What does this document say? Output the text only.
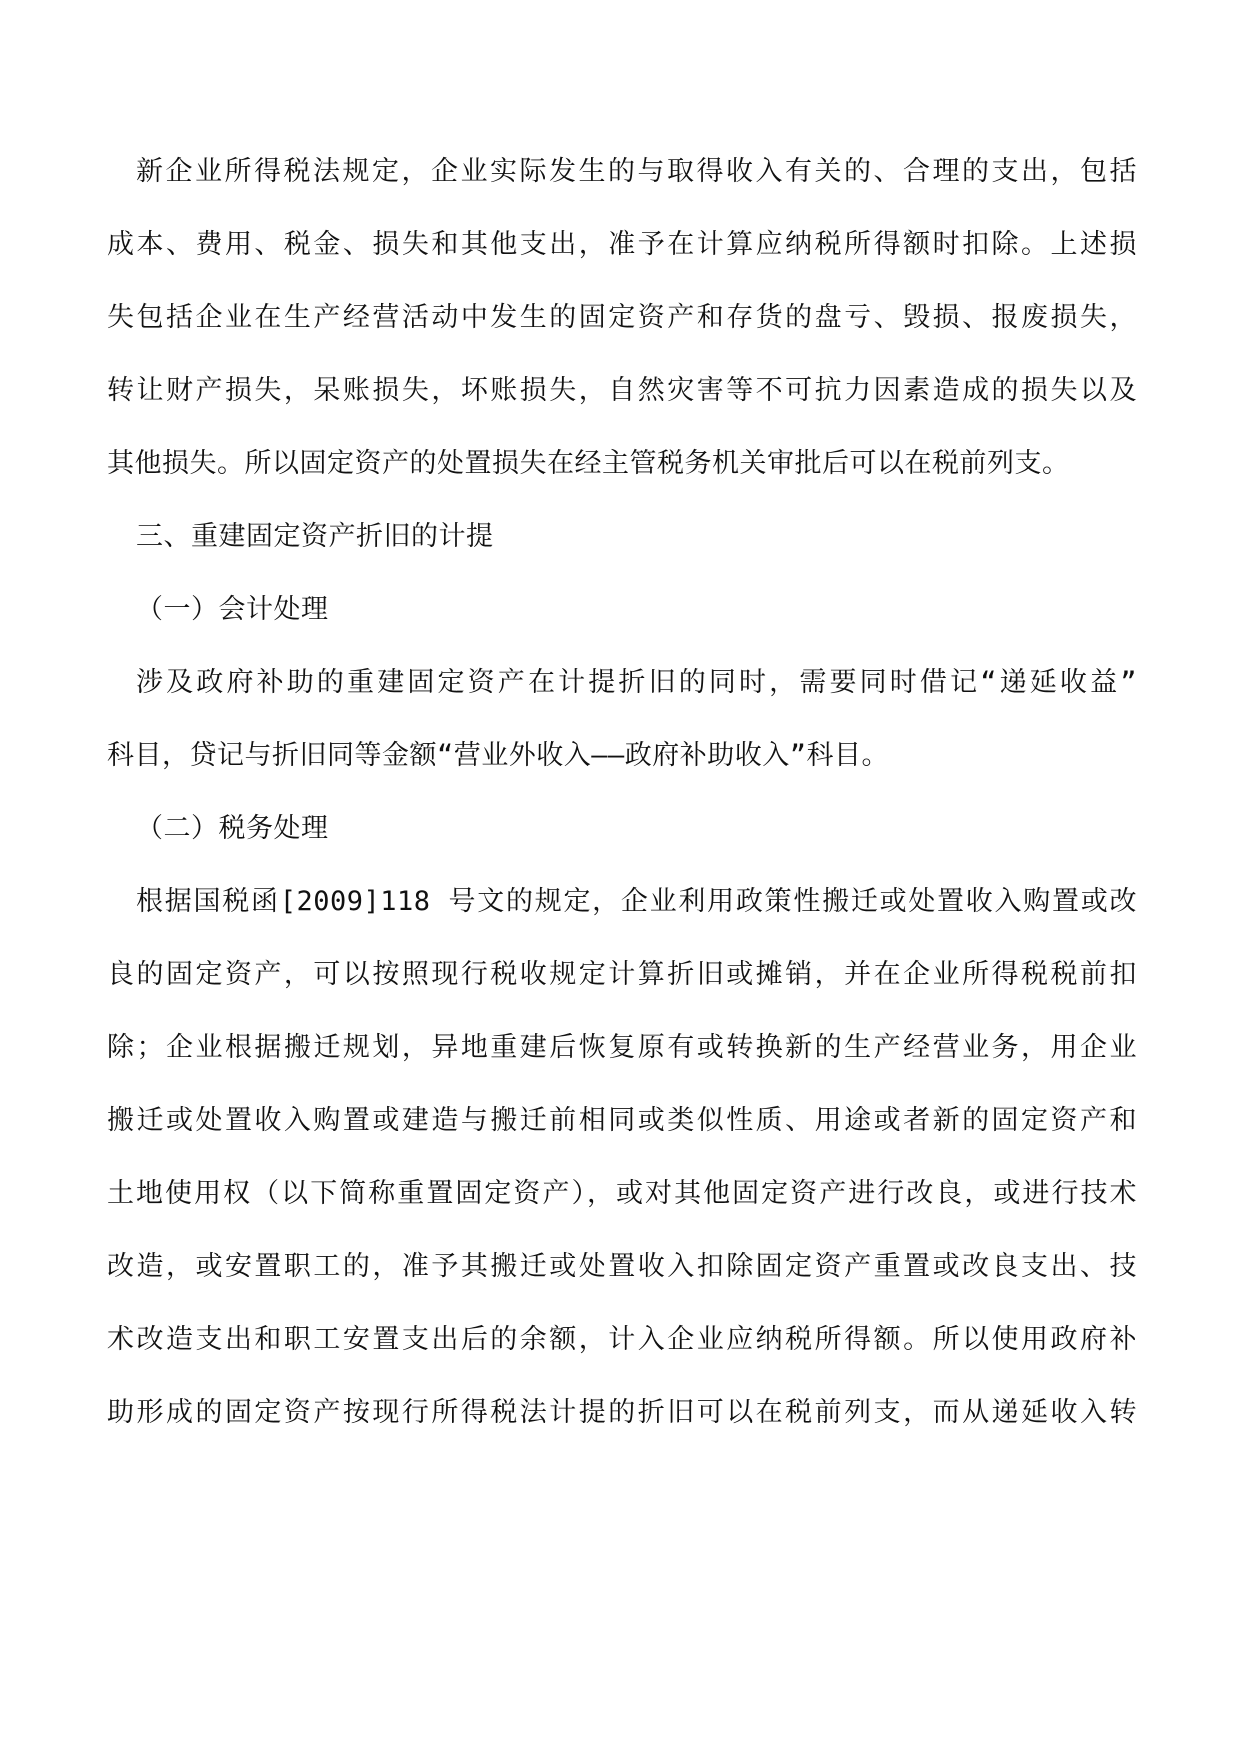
新企业所得税法规定，企业实际发生的与取得收入有关的、合理的支出，包括
成本、费用、税金、损失和其他支出，准予在计算应纳税所得额时扣除。上述损
失包括企业在生产经营活动中发生的固定资产和存货的盘亏、毁损、报废损失，
转让财产损失，呆账损失，坏账损失，自然灾害等不可抗力因素造成的损失以及
其他损失。所以固定资产的处置损失在经主管税务机关审批后可以在税前列支。
三、重建固定资产折旧的计提
（一）会计处理
涉及政府补助的重建固定资产在计提折旧的同时，需要同时借记“递延收益”
科目，贷记与折旧同等金额“营业外收入——政府补助收入”科目。
（二）税务处理
根据国税函[2009]118 号文的规定，企业利用政策性搬迁或处置收入购置或改
良的固定资产，可以按照现行税收规定计算折旧或摊销，并在企业所得税税前扣
除；企业根据搬迁规划，异地重建后恢复原有或转换新的生产经营业务，用企业
搬迁或处置收入购置或建造与搬迁前相同或类似性质、用途或者新的固定资产和
土地使用权（以下简称重置固定资产），或对其他固定资产进行改良，或进行技术
改造，或安置职工的，准予其搬迁或处置收入扣除固定资产重置或改良支出、技
术改造支出和职工安置支出后的余额，计入企业应纳税所得额。所以使用政府补
助形成的固定资产按现行所得税法计提的折旧可以在税前列支，而从递延收入转
